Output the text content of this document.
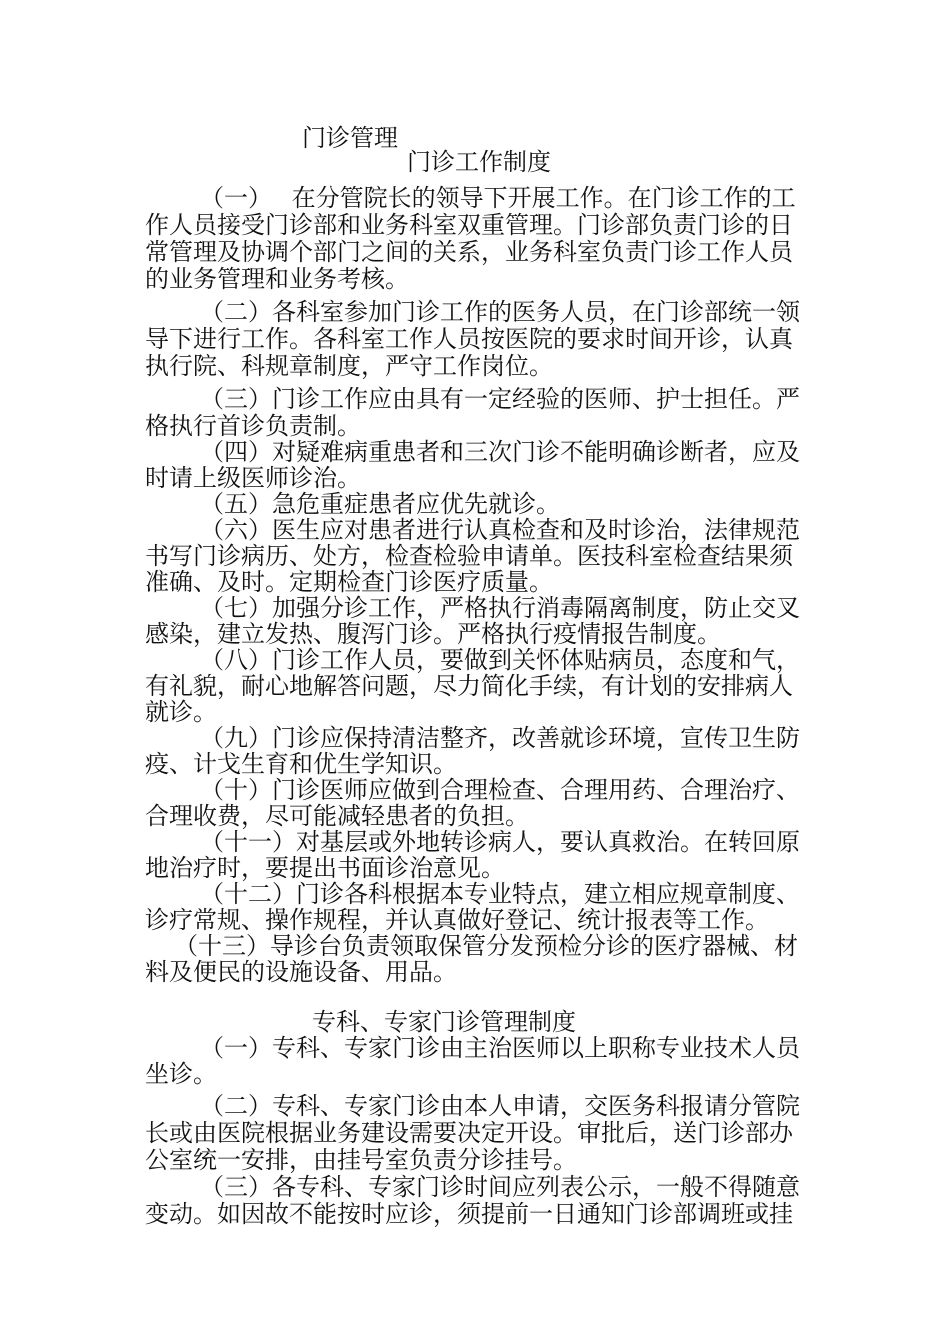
门诊管理
门诊工作制度
（一）　 在分管院长的领导下开展工作。在门诊工作的工
作人员接受门诊部和业务科室双重管理。门诊部负责门诊的日
常管理及协调个部门之间的关系，业务科室负责门诊工作人员
的业务管理和业务考核。
（二）各科室参加门诊工作的医务人员，在门诊部统一领
导下进行工作。各科室工作人员按医院的要求时间开诊，认真
执行院、科规章制度，严守工作岗位。
（三）门诊工作应由具有一定经验的医师、护士担任。严
格执行首诊负责制。
（四）对疑难病重患者和三次门诊不能明确诊断者，应及
时请上级医师诊治。
（五）急危重症患者应优先就诊。
（六）医生应对患者进行认真检查和及时诊治，法律规范
书写门诊病历、处方，检查检验申请单。医技科室检查结果须
准确、及时。定期检查门诊医疗质量。
（七）加强分诊工作，严格执行消毒隔离制度，防止交叉
感染，建立发热、腹泻门诊。严格执行疫情报告制度。
（八）门诊工作人员，要做到关怀体贴病员，态度和气，
有礼貌，耐心地解答问题，尽力简化手续，有计划的安排病人
就诊。
（九）门诊应保持清洁整齐，改善就诊环境，宣传卫生防
疫、计戈生育和优生学知识。
（十）门诊医师应做到合理检查、合理用药、合理治疗、
合理收费，尽可能减轻患者的负担。
（十一）对基层或外地转诊病人，要认真救治。在转回原
地治疗时，要提出书面诊治意见。
（十二）门诊各科根据本专业特点，建立相应规章制度、
诊疗常规、操作规程，并认真做好登记、统计报表等工作。
（十三）导诊台负责领取保管分发预检分诊的医疗器械、材
料及便民的设施设备、用品。
专科、专家门诊管理制度
（一）专科、专家门诊由主治医师以上职称专业技术人员
坐诊。
（二）专科、专家门诊由本人申请，交医务科报请分管院
长或由医院根据业务建设需要决定开设。审批后，送门诊部办
公室统一安排，由挂号室负责分诊挂号。
（三）各专科、专家门诊时间应列表公示，一般不得随意
变动。如因故不能按时应诊，须提前一日通知门诊部调班或挂
